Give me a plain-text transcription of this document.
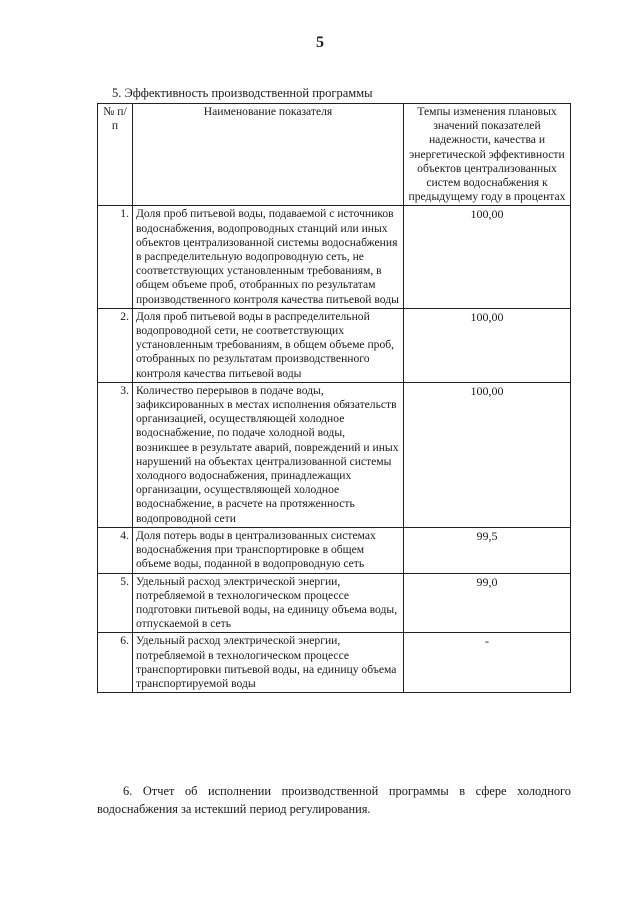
5
5. Эффективность производственной программы
№ п/п	Наименование показателя	Темпы изменения плановых значений показателей надежности, качества и энергетической эффективности объектов централизованных систем водоснабжения к предыдущему году в процентах
1.	Доля проб питьевой воды, подаваемой с источников водоснабжения, водопроводных станций или иных объектов централизованной системы водоснабжения в распределительную водопроводную сеть, не соответствующих установленным требованиям, в общем объеме проб, отобранных по результатам производственного контроля качества питьевой воды	100,00
2.	Доля проб питьевой воды в распределительной водопроводной сети, не соответствующих установленным требованиям, в общем объеме проб, отобранных по результатам производственного контроля качества питьевой воды	100,00
3.	Количество перерывов в подаче воды, зафиксированных в местах исполнения обязательств организацией, осуществляющей холодное водоснабжение, по подаче холодной воды, возникшее в результате аварий, повреждений и иных нарушений на объектах централизованной системы холодного водоснабжения, принадлежащих организации, осуществляющей холодное водоснабжение, в расчете на протяженность водопроводной сети	100,00
4.	Доля потерь воды в централизованных системах водоснабжения при транспортировке в общем объеме воды, поданной в водопроводную сеть	99,5
5.	Удельный расход электрической энергии, потребляемой в технологическом процессе подготовки питьевой воды, на единицу объема воды, отпускаемой в сеть	99,0
6.	Удельный расход электрической энергии, потребляемой в технологическом процессе транспортировки питьевой воды, на единицу объема транспортируемой воды	-
6. Отчет об исполнении производственной программы в сфере холодного водоснабжения за истекший период регулирования.
